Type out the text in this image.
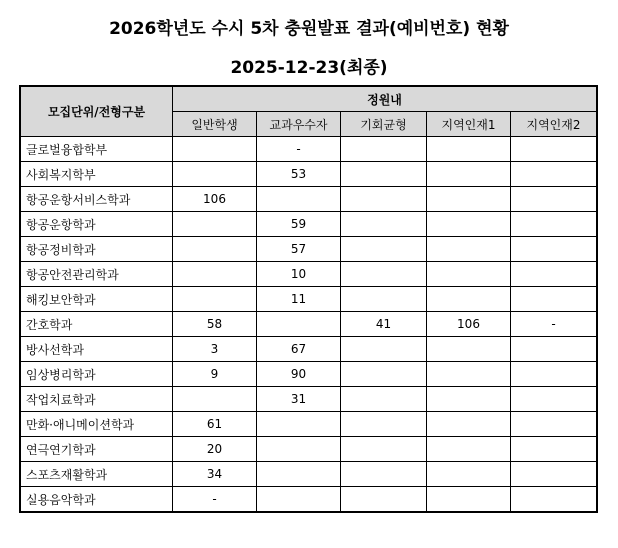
2026학년도 수시 5차 충원발표 결과(예비번호) 현황
2025-12-23(최종)
모집단위/전형구분	정원내				
	일반학생	교과우수자	기회균형	지역인재1	지역인재2
글로벌융합학부		-			
사회복지학부		53			
항공운항서비스학과	106				
항공운항학과		59			
항공정비학과		57			
항공안전관리학과		10			
해킹보안학과		11			
간호학과	58		41	106	-
방사선학과	3	67			
임상병리학과	9	90			
작업치료학과		31			
만화·애니메이션학과	61				
연극연기학과	20				
스포츠재활학과	34				
실용음악학과	-				
